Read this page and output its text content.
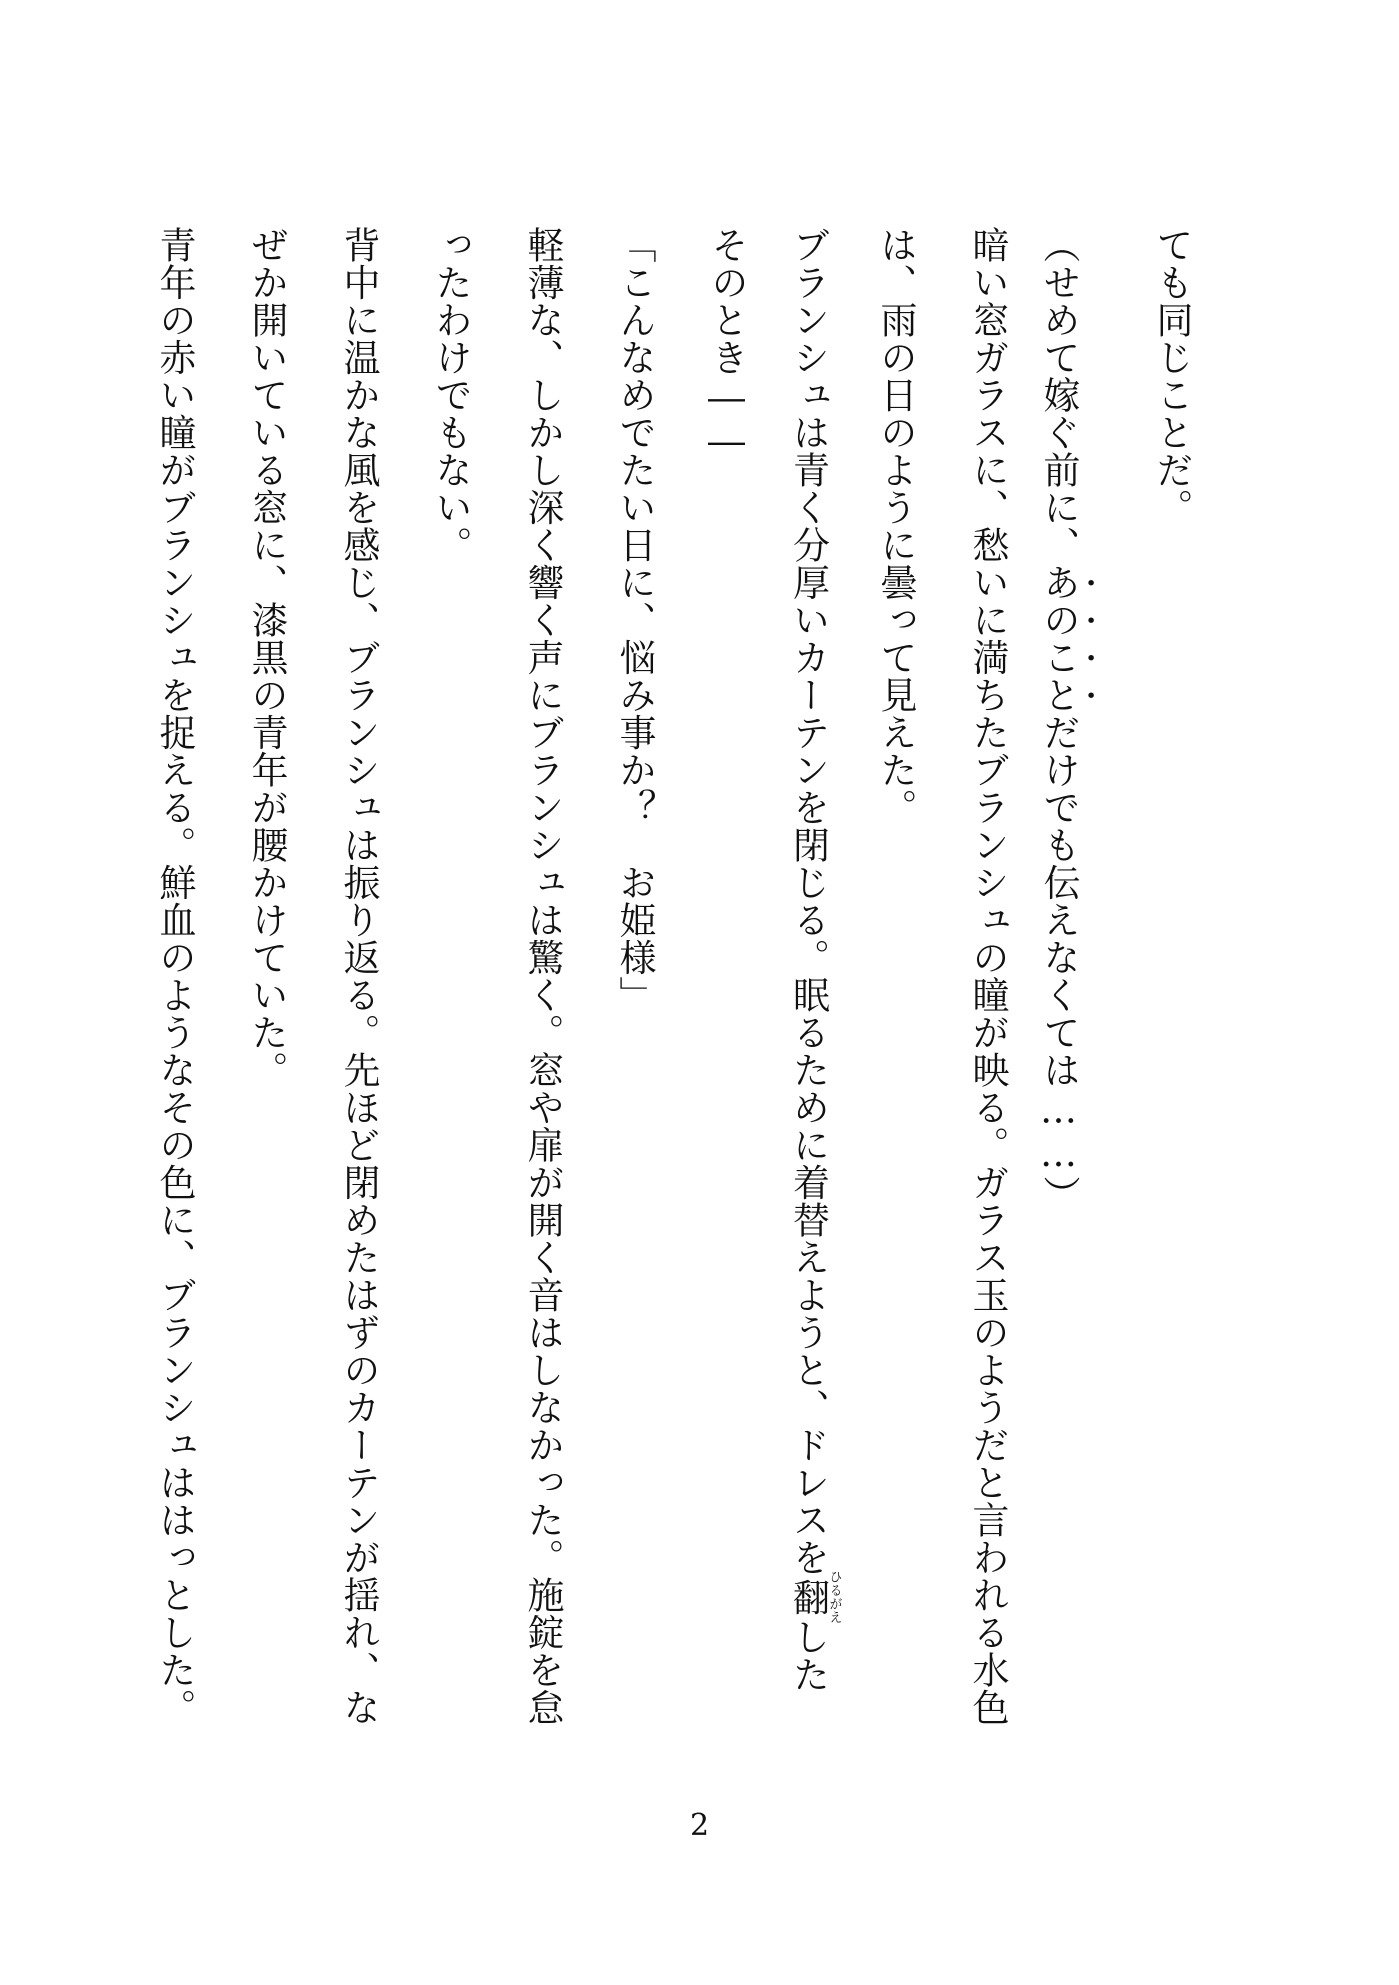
ても同じことだ。
（せめて嫁ぐ前に、あのことだけでも伝えなくては……）
暗い窓ガラスに、愁いに満ちたブランシュの瞳が映る。ガラス玉のようだと言われる水色
は、雨の日のように曇って見えた。
ブランシュは青く分厚いカーテンを閉じる。眠るために着替えようと、ドレスを翻ひるがえした
そのとき――
「こんなめでたい日に、悩み事か？　お姫様」
軽薄な、しかし深く響く声にブランシュは驚く。窓や扉が開く音はしなかった。施錠を怠
ったわけでもない。
背中に温かな風を感じ、ブランシュは振り返る。先ほど閉めたはずのカーテンが揺れ、な
ぜか開いている窓に、漆黒の青年が腰かけていた。
青年の赤い瞳がブランシュを捉える。鮮血のようなその色に、ブランシュははっとした。
2
